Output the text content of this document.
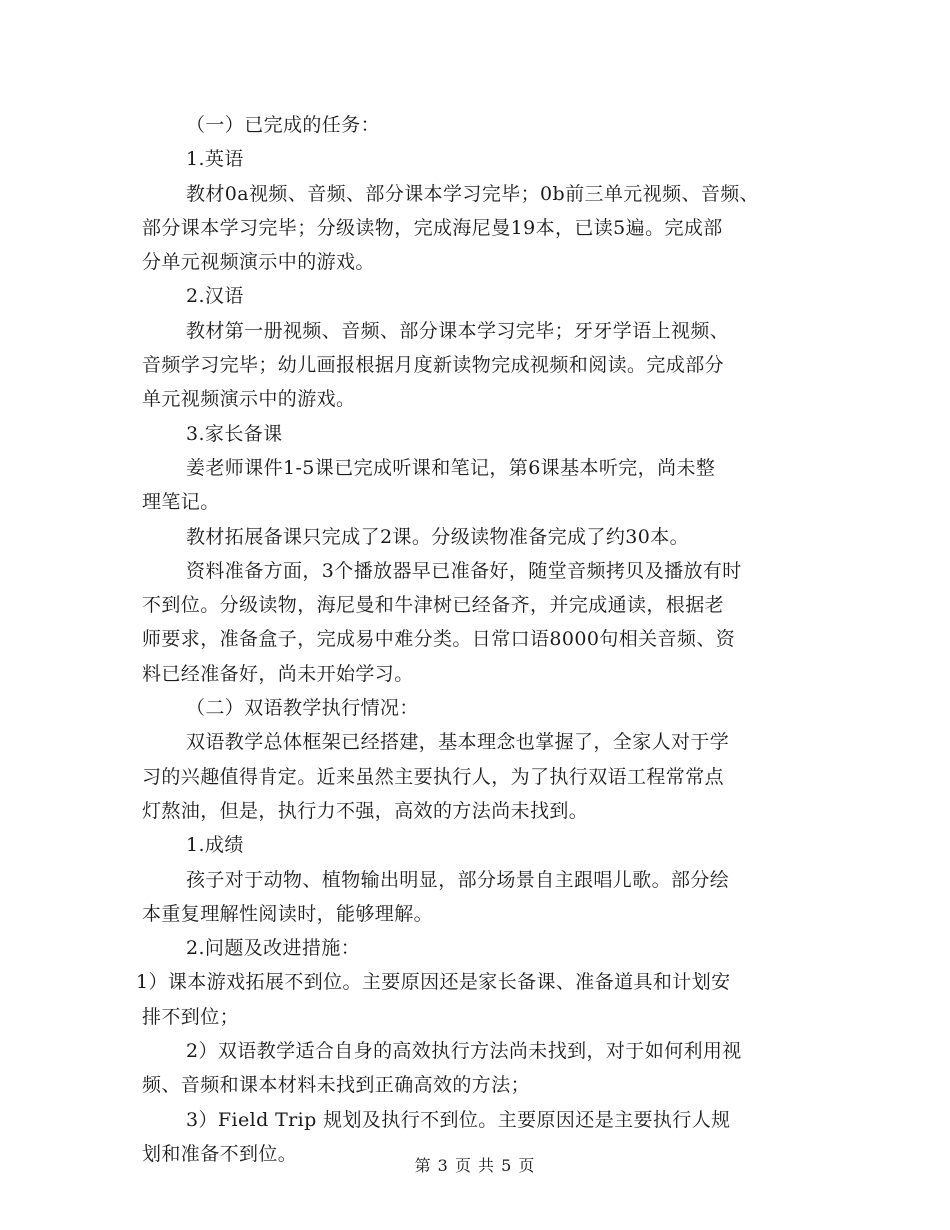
（一）已完成的任务：
1.英语
教材0a视频、音频、部分课本学习完毕；0b前三单元视频、音频、
部分课本学习完毕；分级读物，完成海尼曼19本，已读5遍。完成部
分单元视频演示中的游戏。
2.汉语
教材第一册视频、音频、部分课本学习完毕；牙牙学语上视频、
音频学习完毕；幼儿画报根据月度新读物完成视频和阅读。完成部分
单元视频演示中的游戏。
3.家长备课
姜老师课件1-5课已完成听课和笔记，第6课基本听完，尚未整
理笔记。
教材拓展备课只完成了2课。分级读物准备完成了约30本。
资料准备方面，3个播放器早已准备好，随堂音频拷贝及播放有时
不到位。分级读物，海尼曼和牛津树已经备齐，并完成通读，根据老
师要求，准备盒子，完成易中难分类。日常口语8000句相关音频、资
料已经准备好，尚未开始学习。
（二）双语教学执行情况：
双语教学总体框架已经搭建，基本理念也掌握了，全家人对于学
习的兴趣值得肯定。近来虽然主要执行人，为了执行双语工程常常点
灯熬油，但是，执行力不强，高效的方法尚未找到。
1.成绩
孩子对于动物、植物输出明显，部分场景自主跟唱儿歌。部分绘
本重复理解性阅读时，能够理解。
2.问题及改进措施：
1）课本游戏拓展不到位。主要原因还是家长备课、准备道具和计划安
排不到位；
2）双语教学适合自身的高效执行方法尚未找到，对于如何利用视
频、音频和课本材料未找到正确高效的方法；
3）Field Trip 规划及执行不到位。主要原因还是主要执行人规
划和准备不到位。
第 3 页 共 5 页
